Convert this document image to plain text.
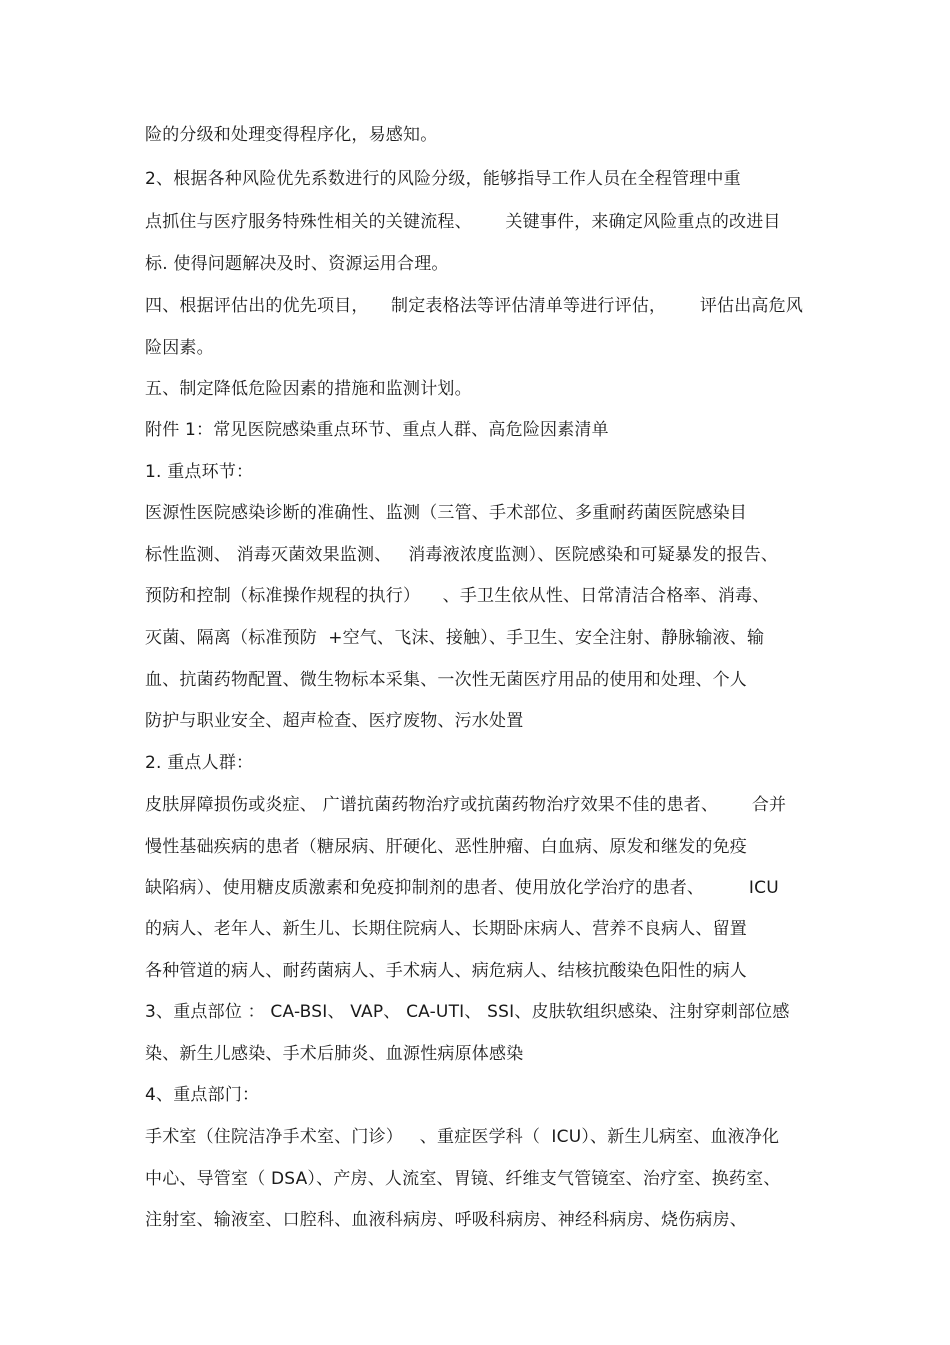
险的分级和处理变得程序化，易感知。
2、根据各种风险优先系数进行的风险分级，能够指导工作人员在全程管理中重
点抓住与医疗服务特殊性相关的关键流程、      关键事件，来确定风险重点的改进目
标. 使得问题解决及时、资源运用合理。
四、根据评估出的优先项目，    制定表格法等评估清单等进行评估，      评估出高危风
险因素。
五、制定降低危险因素的措施和监测计划。
附件 1：常见医院感染重点环节、重点人群、高危险因素清单
1. 重点环节：
医源性医院感染诊断的准确性、监测（三管、手术部位、多重耐药菌医院感染目
标性监测、 消毒灭菌效果监测、   消毒液浓度监测）、医院感染和可疑暴发的报告、
预防和控制（标准操作规程的执行）    、手卫生依从性、日常清洁合格率、消毒、
灭菌、隔离（标准预防  +空气、飞沫、接触）、手卫生、安全注射、静脉输液、输
血、抗菌药物配置、微生物标本采集、一次性无菌医疗用品的使用和处理、个人
防护与职业安全、超声检查、医疗废物、污水处置
2. 重点人群：
皮肤屏障损伤或炎症、 广谱抗菌药物治疗或抗菌药物治疗效果不佳的患者、      合并
慢性基础疾病的患者（糖尿病、肝硬化、恶性肿瘤、白血病、原发和继发的免疫
缺陷病）、使用糖皮质激素和免疫抑制剂的患者、使用放化学治疗的患者、        ICU
的病人、老年人、新生儿、长期住院病人、长期卧床病人、营养不良病人、留置
各种管道的病人、耐药菌病人、手术病人、病危病人、结核抗酸染色阳性的病人
3、重点部位 ： CA-BSI、 VAP、 CA-UTI、 SSI、皮肤软组织感染、注射穿刺部位感
染、新生儿感染、手术后肺炎、血源性病原体感染
4、重点部门：
手术室（住院洁净手术室、门诊）   、重症医学科（  ICU）、新生儿病室、血液净化
中心、导管室（ DSA）、产房、人流室、胃镜、纤维支气管镜室、治疗室、换药室、
注射室、输液室、口腔科、血液科病房、呼吸科病房、神经科病房、烧伤病房、
